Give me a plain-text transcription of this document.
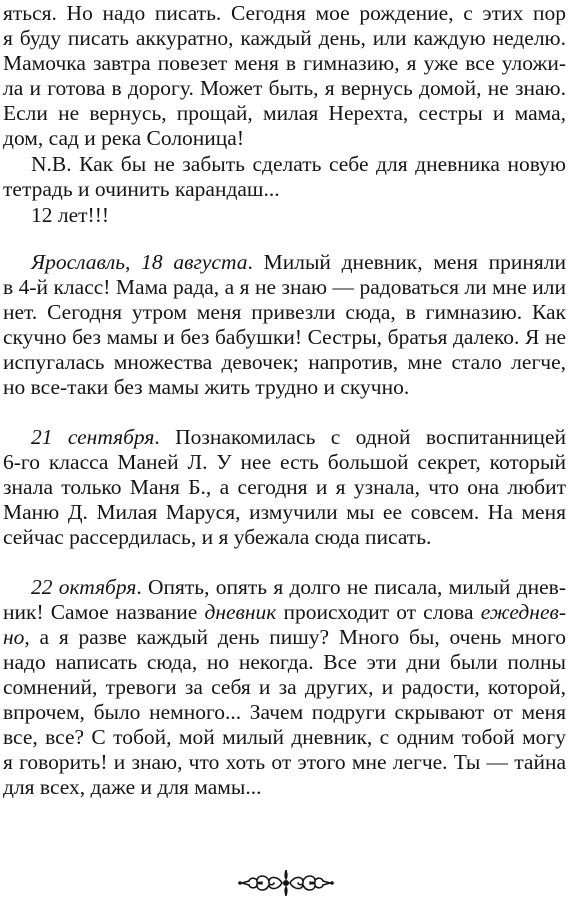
яться. Но надо писать. Сегодня мое рождение, с этих пор
я буду писать аккуратно, каждый день, или каждую неделю.
Мамочка завтра повезет меня в гимназию, я уже все уложи-
ла и готова в дорогу. Может быть, я вернусь домой, не знаю.
Если не вернусь, прощай, милая Нерехта, сестры и мама,
дом, сад и река Солоница!
N.B. Как бы не забыть сделать себе для дневника новую
тетрадь и очинить карандаш...
12 лет!!!
Ярославль, 18 августа. Милый дневник, меня приняли
в 4-й класс! Мама рада, а я не знаю — радоваться ли мне или
нет. Сегодня утром меня привезли сюда, в гимназию. Как
скучно без мамы и без бабушки! Сестры, братья далеко. Я не
испугалась множества девочек; напротив, мне стало легче,
но все-таки без мамы жить трудно и скучно.
21 сентября. Познакомилась с одной воспитанницей
6-го класса Маней Л. У нее есть большой секрет, который
знала только Маня Б., а сегодня и я узнала, что она любит
Маню Д. Милая Маруся, измучили мы ее совсем. На меня
сейчас рассердилась, и я убежала сюда писать.
22 октября. Опять, опять я долго не писала, милый днев-
ник! Самое название дневник происходит от слова ежеднев-
но, а я разве каждый день пишу? Много бы, очень много
надо написать сюда, но некогда. Все эти дни были полны
сомнений, тревоги за себя и за других, и радости, которой,
впрочем, было немного... Зачем подруги скрывают от меня
все, все? С тобой, мой милый дневник, с одним тобой могу
я говорить! и знаю, что хоть от этого мне легче. Ты — тайна
для всех, даже и для мамы...
